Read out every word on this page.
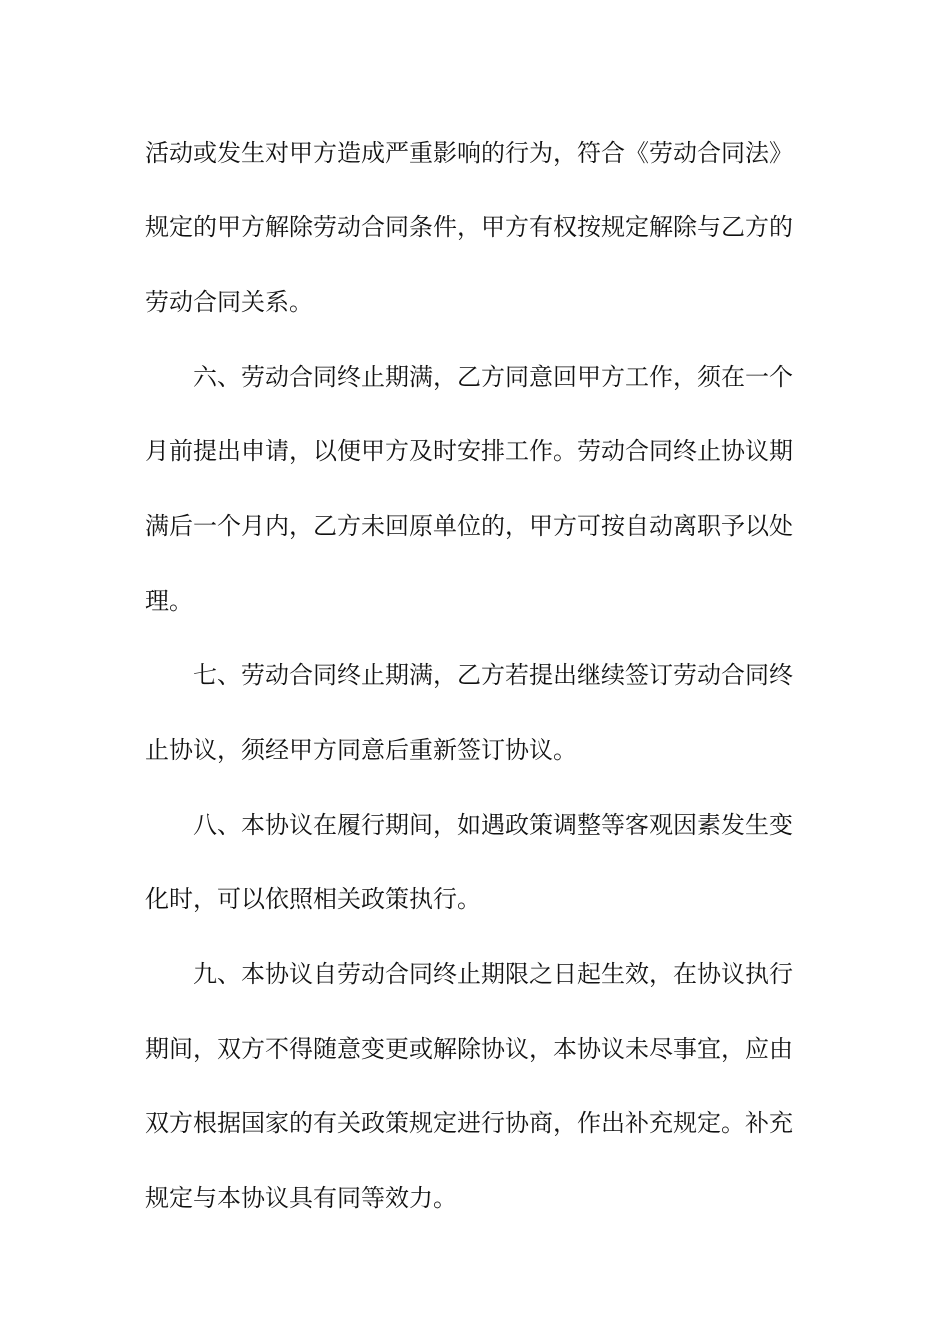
活动或发生对甲方造成严重影响的行为，符合《劳动合同法》
规定的甲方解除劳动合同条件，甲方有权按规定解除与乙方的
劳动合同关系。
六、劳动合同终止期满，乙方同意回甲方工作，须在一个
月前提出申请，以便甲方及时安排工作。劳动合同终止协议期
满后一个月内，乙方未回原单位的，甲方可按自动离职予以处
理。
七、劳动合同终止期满，乙方若提出继续签订劳动合同终
止协议，须经甲方同意后重新签订协议。
八、本协议在履行期间，如遇政策调整等客观因素发生变
化时，可以依照相关政策执行。
九、本协议自劳动合同终止期限之日起生效，在协议执行
期间，双方不得随意变更或解除协议，本协议未尽事宜，应由
双方根据国家的有关政策规定进行协商，作出补充规定。补充
规定与本协议具有同等效力。
